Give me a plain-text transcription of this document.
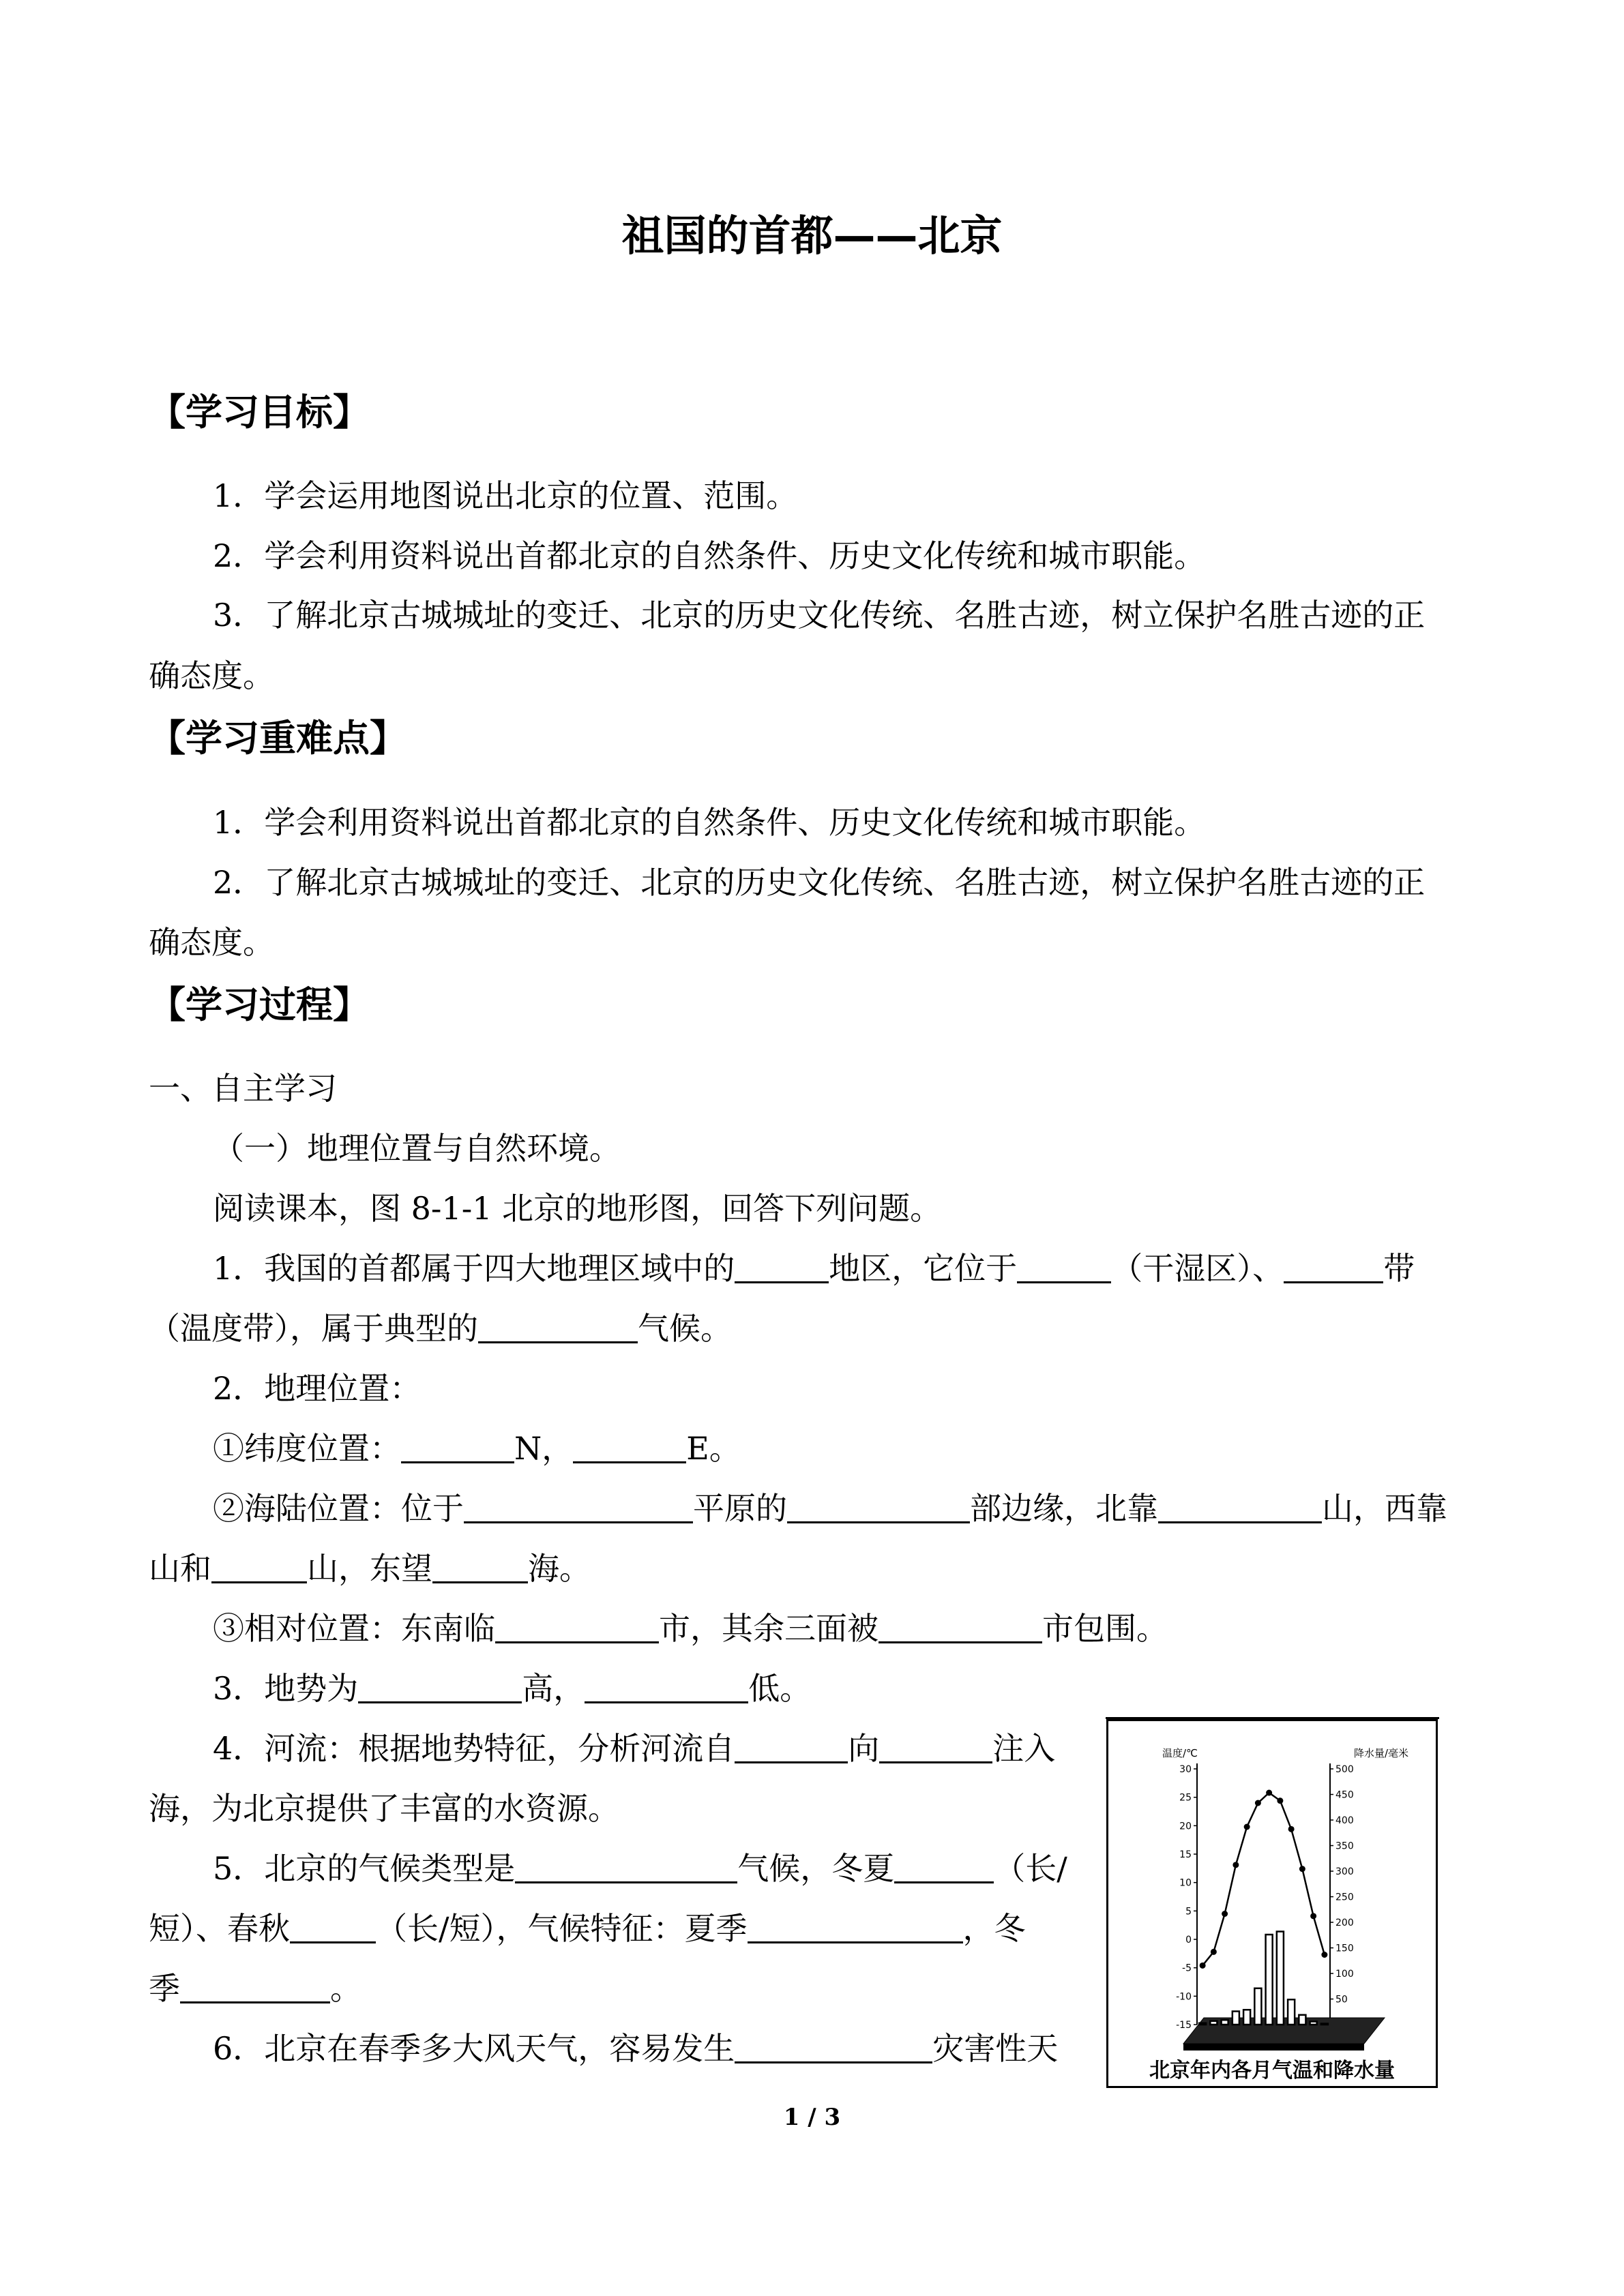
祖国的首都——北京
【学习目标】
1．学会运用地图说出北京的位置、范围。
2．学会利用资料说出首都北京的自然条件、历史文化传统和城市职能。
3．了解北京古城城址的变迁、北京的历史文化传统、名胜古迹，树立保护名胜古迹的正
确态度。
【学习重难点】
1．学会利用资料说出首都北京的自然条件、历史文化传统和城市职能。
2．了解北京古城城址的变迁、北京的历史文化传统、名胜古迹，树立保护名胜古迹的正
确态度。
【学习过程】
一、自主学习
（一）地理位置与自然环境。
阅读课本，图 8-1-1 北京的地形图，回答下列问题。
1．我国的首都属于四大地理区域中的	地区，它位于	（干湿区）、	带
（温度带），属于典型的	气候。
2．地理位置：
①纬度位置：	N，	E。
②海陆位置：位于	平原的	部边缘，北靠	山，西靠
山和	山，东望	海。
③相对位置：东南临	市，其余三面被	市包围。
3．地势为	高，	低。
4．河流：根据地势特征，分析河流自	向	注入
海，为北京提供了丰富的水资源。
5．北京的气候类型是	气候，冬夏	（长/
短）、春秋	（长/短），气候特征：夏季	，冬
季	。
6．北京在春季多大风天气，容易发生	灾害性天
温度/℃	降水量/毫米
30
25
20
15
10
5
0
-5
-10
-15
500
450
400
350
300
250
200
150
100
50
北京年内各月气温和降水量
1 / 3
